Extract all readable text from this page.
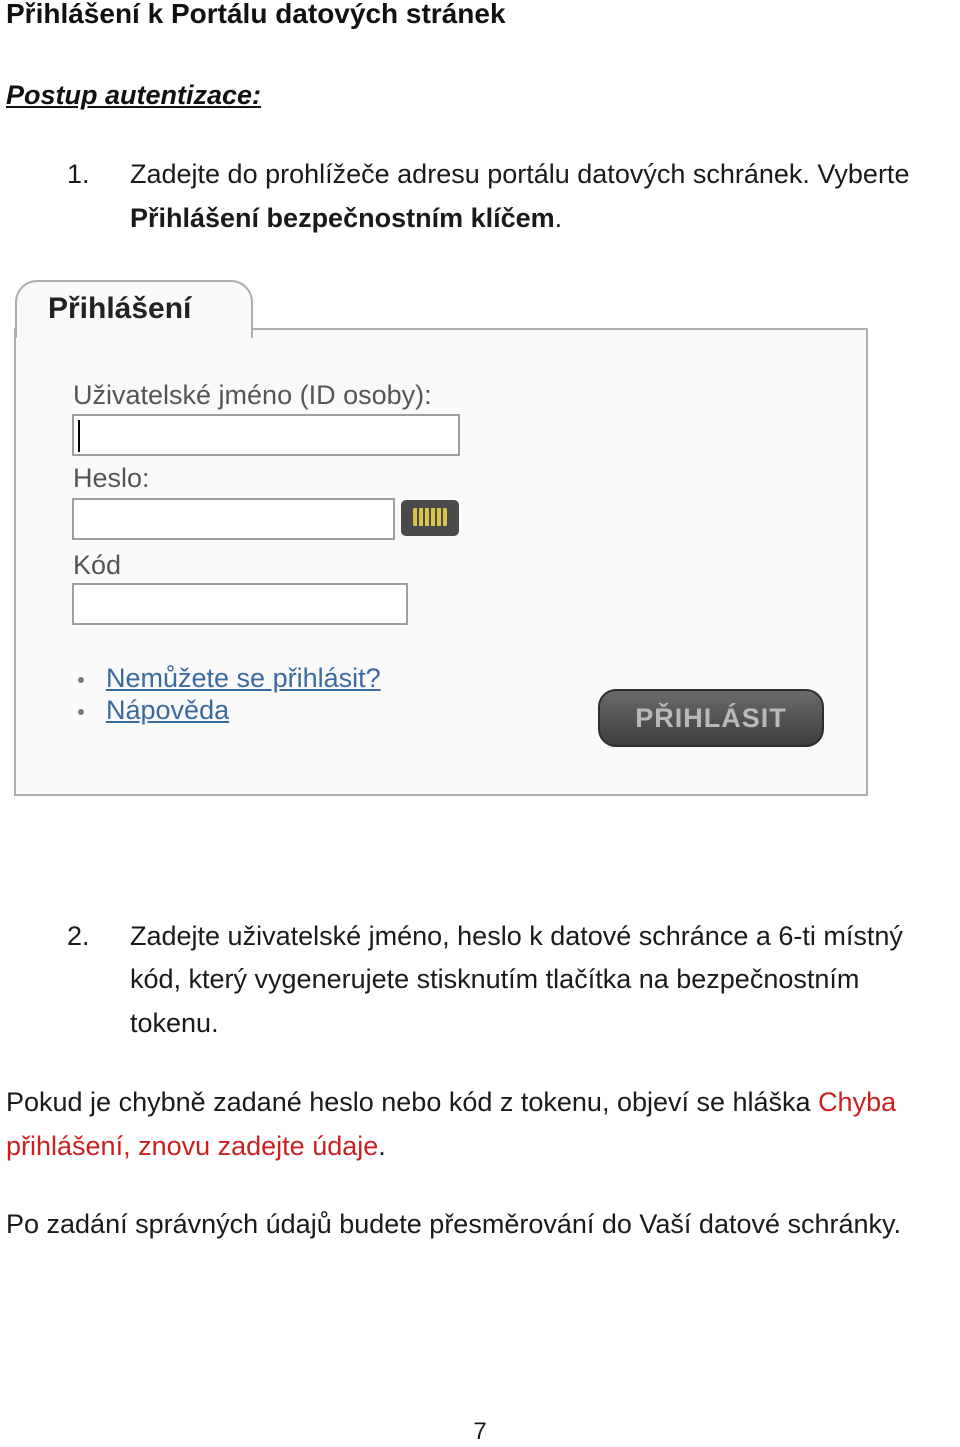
Přihlášení k Portálu datových stránek
Postup autentizace:
1. Zadejte do prohlížeče adresu portálu datových schránek. Vyberte
Přihlášení bezpečnostním klíčem.
Přihlášení
Uživatelské jméno (ID osoby):
Heslo:
Kód
Nemůžete se přihlásit?
Nápověda	PŘIHLÁSIT
2. Zadejte uživatelské jméno, heslo k datové schránce a 6-ti místný
kód, který vygenerujete stisknutím tlačítka na bezpečnostním
tokenu.
Pokud je chybně zadané heslo nebo kód z tokenu, objeví se hláška Chyba
přihlášení, znovu zadejte údaje.
Po zadání správných údajů budete přesměrování do Vaší datové schránky.
7
